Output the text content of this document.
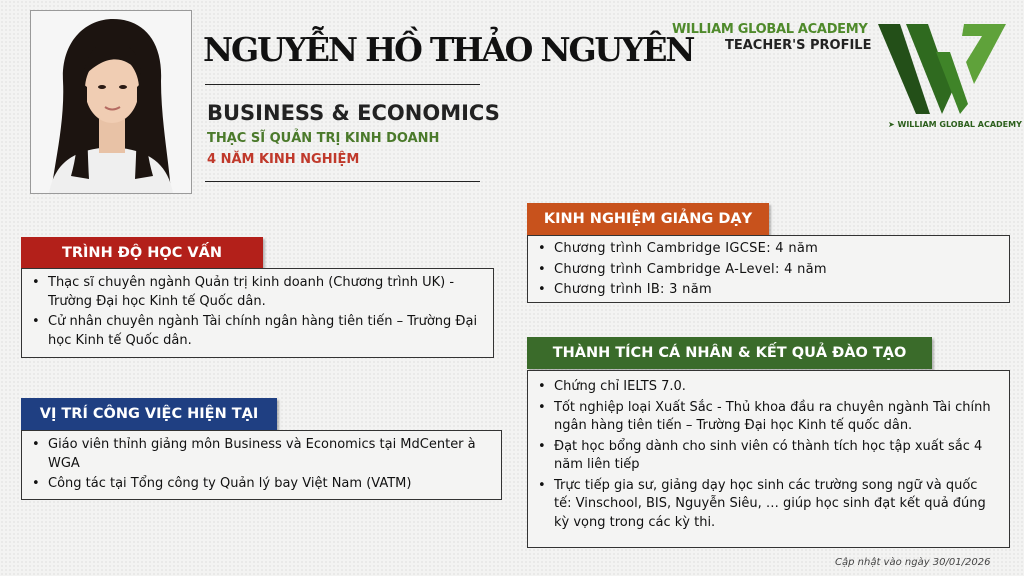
NGUYỄN HỒ THẢO NGUYÊN
BUSINESS & ECONOMICS
THẠC SĨ QUẢN TRỊ KINH DOANH
4 NĂM KINH NGHIỆM
WILLIAM GLOBAL ACADEMY
TEACHER'S PROFILE
➤ WILLIAM GLOBAL ACADEMY
TRÌNH ĐỘ HỌC VẤN
• Thạc sĩ chuyên ngành Quản trị kinh doanh (Chương trình UK) - Trường Đại học Kinh tế Quốc dân.
• Cử nhân chuyên ngành Tài chính ngân hàng tiên tiến – Trường Đại học Kinh tế Quốc dân.
VỊ TRÍ CÔNG VIỆC HIỆN TẠI
• Giáo viên thỉnh giảng môn Business và Economics tại MdCenter à WGA
• Công tác tại Tổng công ty Quản lý bay Việt Nam (VATM)
KINH NGHIỆM GIẢNG DẠY
• Chương trình Cambridge IGCSE: 4 năm
• Chương trình Cambridge A-Level: 4 năm
• Chương trình IB: 3 năm
THÀNH TÍCH CÁ NHÂN & KẾT QUẢ ĐÀO TẠO
• Chứng chỉ IELTS 7.0.
• Tốt nghiệp loại Xuất Sắc - Thủ khoa đầu ra chuyên ngành Tài chính ngân hàng tiên tiến – Trường Đại học Kinh tế quốc dân.
• Đạt học bổng dành cho sinh viên có thành tích học tập xuất sắc 4 năm liên tiếp
• Trực tiếp gia sư, giảng dạy học sinh các trường song ngữ và quốc tế: Vinschool, BIS, Nguyễn Siêu, … giúp học sinh đạt kết quả đúng kỳ vọng trong các kỳ thi.
Cập nhật vào ngày 30/01/2026
